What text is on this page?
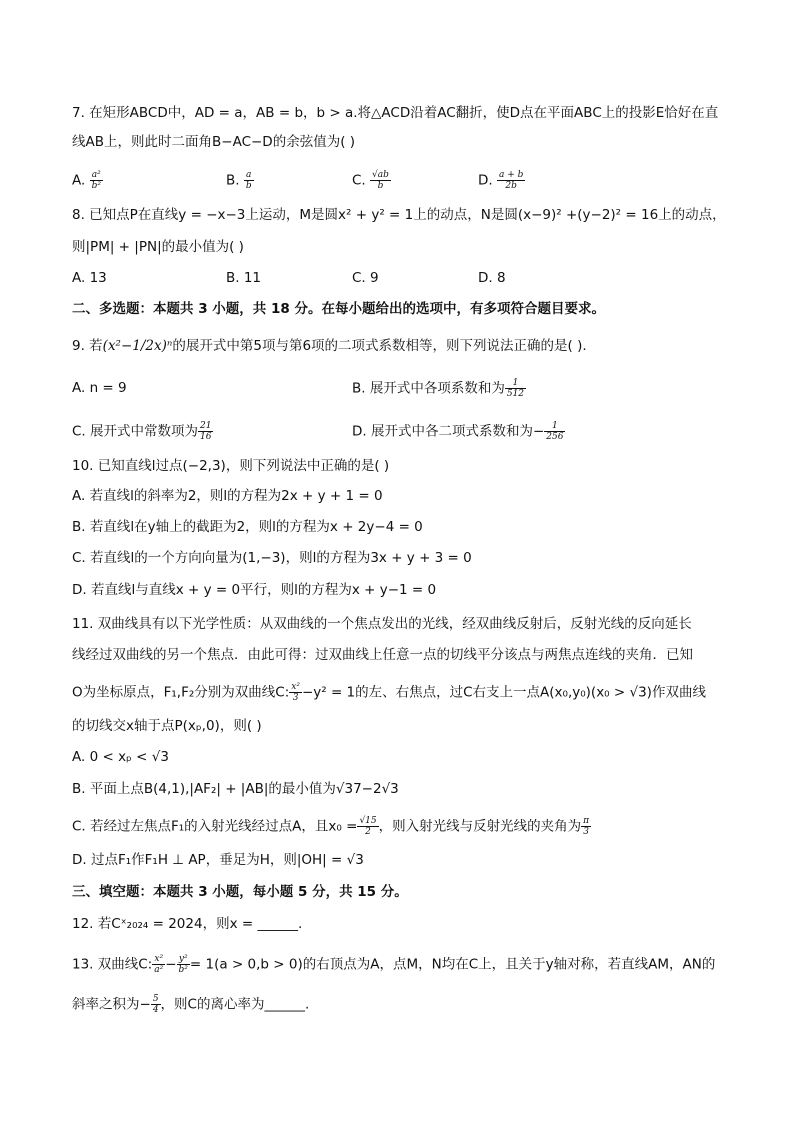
7. 在矩形ABCD中，AD = a，AB = b，b > a.将△ACD沿着AC翻折，使D点在平面ABC上的投影E恰好在直
线AB上，则此时二面角B−AC−D的余弦值为( )
A. $\frac{\text{a²}}{\text{b²}}$	B. $\frac{a}{b}$	C. $\frac{√ab}{b}$	D. $\frac{a + b}{2b}$
8. 已知点P在直线y = −x−3上运动，M是圆x² + y² = 1上的动点，N是圆(x−9)² +(y−2)² = 16上的动点，
则|PM| + |PN|的最小值为( )
A. 13	B. 11	C. 9	D. 8
二、多选题：本题共 3 小题，共 18 分。在每小题给出的选项中，有多项符合题目要求。
9. 若(x²−1/2x)ⁿ的展开式中第5项与第6项的二项式系数相等，则下列说法正确的是( ).
A. n = 9	B. 展开式中各项系数和为 $\frac{1}{512}$
C. 展开式中常数项为 $\frac{21}{16}$	D. 展开式中各二项式系数和为− $\frac{1}{256}$
10. 已知直线l过点(−2,3)，则下列说法中正确的是( )
A. 若直线l的斜率为2，则l的方程为2x + y + 1 = 0
B. 若直线l在y轴上的截距为2，则l的方程为x + 2y−4 = 0
C. 若直线l的一个方向向量为(1,−3)，则l的方程为3x + y + 3 = 0
D. 若直线l与直线x + y = 0平行，则l的方程为x + y−1 = 0
11. 双曲线具有以下光学性质：从双曲线的一个焦点发出的光线，经双曲线反射后，反射光线的反向延长
线经过双曲线的另一个焦点．由此可得：过双曲线上任意一点的切线平分该点与两焦点连线的夹角．已知
O为坐标原点，F₁,F₂分别为双曲线C: $\frac{\text{x²}}{3} -y^2 = 1$的左、右焦点，过C右支上一点A(x₀,y₀)(x₀ > √3)作双曲线
的切线交x轴于点P(xₚ,0)，则( )
A. 0 < xₚ < √3
B. 平面上点B(4,1),|AF₂| + |AB|的最小值为√37−2√3
C. 若经过左焦点F₁的入射光线经过点A，且$x_0 = \frac{√15}{2}$ ，则入射光线与反射光线的夹角为 $\frac{\pi}{3}$
D. 过点F₁作F₁H ⊥ AP，垂足为H，则|OH| = √3
三、填空题：本题共 3 小题，每小题 5 分，共 15 分。
12. 若Cˣ₂₀₂₄ = 2024，则x = ______.
13. 双曲线C: $\frac{\text{x²}}{\text{a²}} - \frac{\text{y²}}{\text{b²}} = 1(a > 0,b > 0)$的右顶点为A，点M，N均在C上，且关于y轴对称，若直线AM，AN的
斜率之积为− $\frac{5}{4}$ ，则C的离心率为______.
